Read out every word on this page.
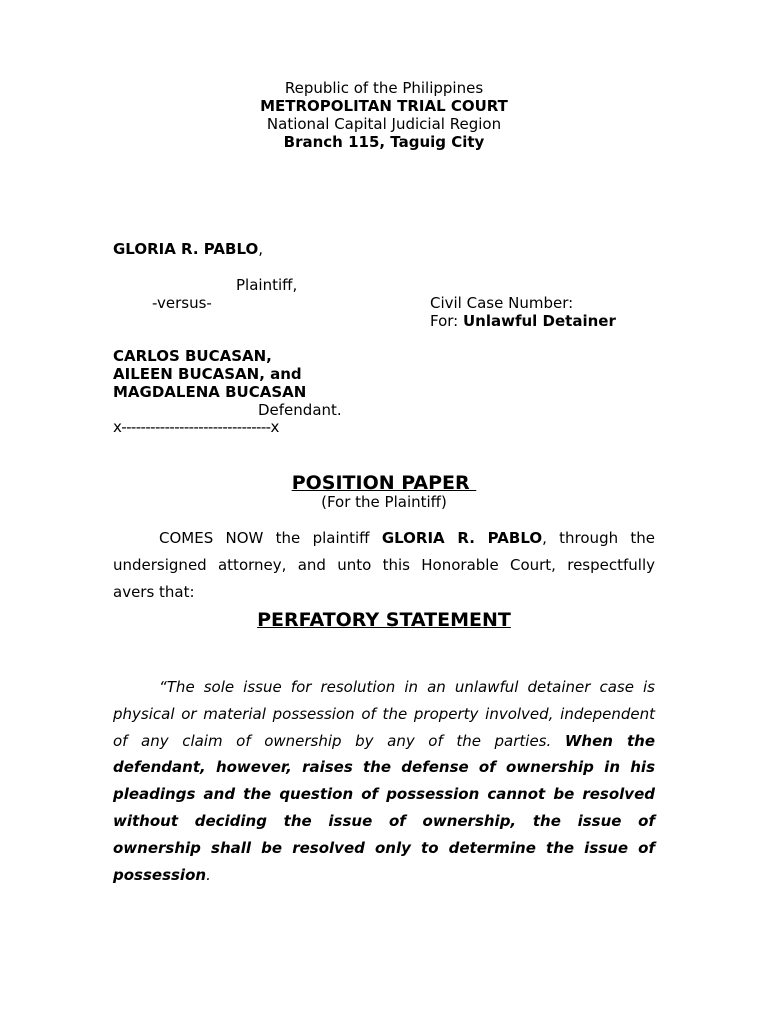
Republic of the Philippines
METROPOLITAN TRIAL COURT
National Capital Judicial Region
Branch 115, Taguig City
GLORIA R. PABLO,
Plaintiff,
-versus-	Civil Case Number:
For: Unlawful Detainer
CARLOS BUCASAN,
AILEEN BUCASAN, and
MAGDALENA BUCASAN
Defendant.
x-------------------------------x
POSITION PAPER
(For the Plaintiff)
COMES NOW the plaintiff GLORIA R. PABLO, through the undersigned attorney, and unto this Honorable Court, respectfully avers that:
PERFATORY STATEMENT
“The sole issue for resolution in an unlawful detainer case is physical or material possession of the property involved, independent of any claim of ownership by any of the parties. When the defendant, however, raises the defense of ownership in his pleadings and the question of possession cannot be resolved without deciding the issue of ownership, the issue of ownership shall be resolved only to determine the issue of possession.
